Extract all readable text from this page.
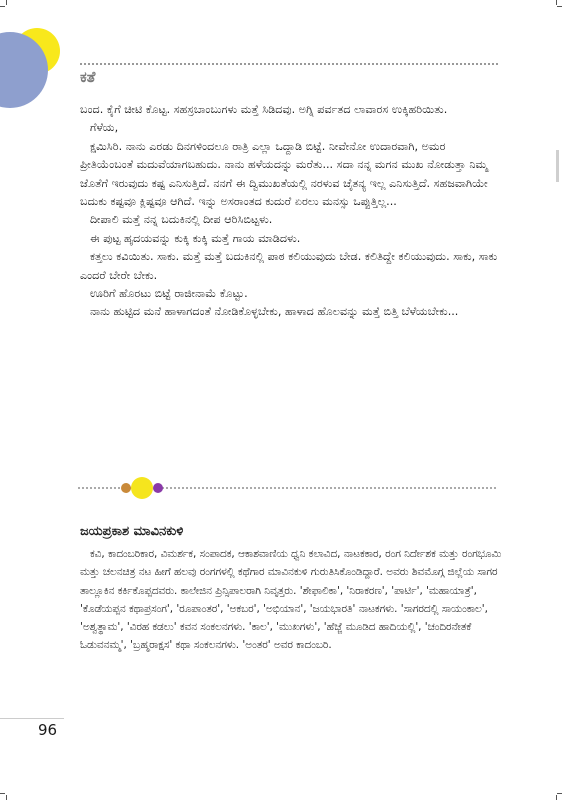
ಕತೆ

ಬಂದ. ಕೈಗೆ ಚೀಟಿ ಕೊಟ್ಟ. ಸಹಸ್ರಬಾಂಬುಗಳು ಮತ್ತೆ ಸಿಡಿದವು. ಅಗ್ನಿ ಪರ್ವತದ ಲಾವಾರಸ ಉಕ್ಕಿಹರಿಯಿತು.

ಗೆಳೆಯ,

ಕ್ಷಮಿಸಿರಿ. ನಾನು ಎರಡು ದಿನಗಳಿಂದಲೂ ರಾತ್ರಿ ಎಲ್ಲಾ ಒದ್ದಾಡಿ ಬಿಟ್ಟೆ. ನೀವೇನೋ ಉದಾರವಾಗಿ, ಅಮರ ಪ್ರೀತಿಯೆಂಬಂತೆ ಮದುವೆಯಾಗಬಹುದು. ನಾನು ಹಳೆಯದನ್ನು ಮರೆತು... ಸದಾ ನನ್ನ ಮಗನ ಮುಖ ನೋಡುತ್ತಾ ನಿಮ್ಮ ಜೊತೆಗೆ ಇರುವುದು ಕಷ್ಟ ಎನಿಸುತ್ತಿದೆ. ನನಗೆ ಈ ದ್ವಿಮುಖತೆಯಲ್ಲಿ ನರಳುವ ಚೈತನ್ಯ ಇಲ್ಲ ಎನಿಸುತ್ತಿದೆ. ಸಹಜವಾಗಿಯೇ ಬದುಕು ಕಷ್ಟವೂ ಕ್ಲಿಷ್ಟವೂ ಆಗಿದೆ. ಇನ್ನು ಅಸರಾಂತದ ಕುದುರೆ ಏರಲು ಮನಸ್ಸು ಒಪ್ಪುತ್ತಿಲ್ಲ...

ದೀಪಾಲಿ ಮತ್ತೆ ನನ್ನ ಬದುಕಿನಲ್ಲಿ ದೀಪ ಆರಿಸಿಬಿಟ್ಟಳು.

ಈ ಪುಟ್ಟ ಹೃದಯವನ್ನು ಕುಕ್ಕಿ ಕುಕ್ಕಿ ಮತ್ತೆ ಗಾಯ ಮಾಡಿದಳು.

ಕತ್ತಲು ಕವಿಯಿತು. ಸಾಕು. ಮತ್ತೆ ಮತ್ತೆ ಬದುಕಿನಲ್ಲಿ ಪಾಠ ಕಲಿಯುವುದು ಬೇಡ. ಕಲಿತಿದ್ದೇ ಕಲಿಯುವುದು. ಸಾಕು, ಸಾಕು ಎಂದರೆ ಬೇರೇ ಬೇಕು.

ಊರಿಗೆ ಹೊರಟು ಬಿಟ್ಟೆ ರಾಜೀನಾಮೆ ಕೊಟ್ಟು.

ನಾನು ಹುಟ್ಟಿದ ಮನೆ ಹಾಳಾಗದಂತೆ ನೋಡಿಕೊಳ್ಳಬೇಕು, ಹಾಳಾದ ಹೊಲವನ್ನು ಮತ್ತೆ ಬಿತ್ತಿ ಬೆಳೆಯಬೇಕು...

ಜಯಪ್ರಕಾಶ ಮಾವಿನಕುಳಿ

ಕವಿ, ಕಾದಂಬರಿಕಾರ, ವಿಮರ್ಶಕ, ಸಂಪಾದಕ, ಆಕಾಶವಾಣಿಯ ಧ್ವನಿ ಕಲಾವಿದ, ನಾಟಕಕಾರ, ರಂಗ ನಿರ್ದೇಶಕ ಮತ್ತು ರಂಗಭೂಮಿ ಮತ್ತು ಚಲನಚಿತ್ರ ನಟ ಹೀಗೆ ಹಲವು ರಂಗಗಳಲ್ಲಿ ಕಥೆಗಾರ ಮಾವಿನಕುಳಿ ಗುರುತಿಸಿಕೊಂಡಿದ್ದಾರೆ. ಅವರು ಶಿವಮೊಗ್ಗ ಜಿಲ್ಲೆಯ ಸಾಗರ ತಾಲ್ಲೂಕಿನ ಕರ್ಕಿಕೊಪ್ಪದವರು. ಕಾಲೇಜಿನ ಪ್ರಿನ್ಸಿಪಾಲರಾಗಿ ನಿವೃತ್ತರು. 'ಶೇಫಾಲಿಕಾ', 'ನಿರಾಕರಣ', 'ಪಾರ್ಟಿ', 'ಮಹಾಯಾತ್ರೆ', 'ಕೊಡೆಯಪ್ಪನ ಕಥಾಪ್ರಸಂಗ', 'ರೂಪಾಂತರ', 'ಅಕಬರ', 'ಅಭಿಯಾನ', 'ಜಯಭಾರತಿ' ನಾಟಕಗಳು. 'ಸಾಗರದಲ್ಲಿ ಸಾಯಂಕಾಲ', 'ಅಶ್ವತ್ಥಾಮ', 'ವಿರಹ ಕಡಲು' ಕವನ ಸಂಕಲನಗಳು. 'ಕಾಲ', 'ಮುಖಗಳು', 'ಹೆಜ್ಜೆ ಮೂಡಿದ ಹಾದಿಯಲ್ಲಿ', 'ಚಂದಿರನೇತಕೆ ಓಡುವನಮ್ಮ', 'ಬ್ರಹ್ಮರಾಕ್ಷಸ' ಕಥಾ ಸಂಕಲನಗಳು. 'ಅಂತರ' ಅವರ ಕಾದಂಬರಿ.

96
